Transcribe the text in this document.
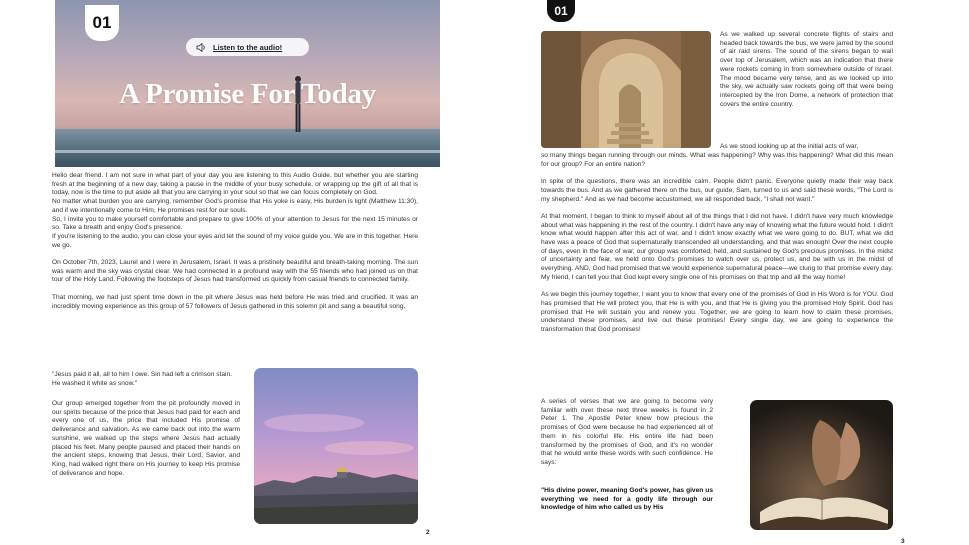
A Promise For Today
Listen to the audio!
01

Hello dear friend. I am not sure in what part of your day you are listening to this Audio Guide, but whether you are starting fresh at the beginning of a new day, taking a pause in the middle of your busy schedule, or wrapping up the gift of all that is today, now is the time to put aside all that you are carrying in your soul so that we can focus completely on God.

No matter what burden you are carrying, remember God's promise that His yoke is easy, His burden is light (Matthew 11:30), and if we intentionally come to Him, He promises rest for our souls.

So, I invite you to make yourself comfortable and prepare to give 100% of your attention to Jesus for the next 15 minutes or so. Take a breath and enjoy God's presence.

If you're listening to the audio, you can close your eyes and let the sound of my voice guide you. We are in this together. Here we go.

On October 7th, 2023, Laurel and I were in Jerusalem, Israel. It was a pristinely beautiful and breath-taking morning. The sun was warm and the sky was crystal clear. We had connected in a profound way with the 55 friends who had joined us on that tour of the Holy Land. Following the footsteps of Jesus had transformed us quickly from casual friends to connected family.

That morning, we had just spent time down in the pit where Jesus was held before He was tried and crucified. It was an incredibly moving experience as this group of 57 followers of Jesus gathered in this solemn pit and sang a beautiful song,

"Jesus paid it all, all to him I owe. Sin had left a crimson stain. He washed it white as snow."
Our group emerged together from the pit profoundly moved in our spirits because of the price that Jesus had paid for each and every one of us, the price that included His promise of deliverance and salvation. As we came back out into the warm sunshine, we walked up the steps where Jesus had actually placed his feet. Many people paused and placed their hands on the ancient steps, knowing that Jesus, their Lord, Savior, and King, had walked right there on His journey to keep His promise of deliverance and hope.
2
01
As we walked up several concrete flights of stairs and headed back towards the bus, we were jarred by the sound of air raid sirens. The sound of the sirens began to wail over top of Jerusalem, which was an indication that there were rockets coming in from somewhere outside of Israel. The mood became very tense, and as we looked up into the sky, we actually saw rockets going off that were being intercepted by the Iron Dome, a network of protection that covers the entire country.
As we stood looking up at the initial acts of war,

so many things began running through our minds. What was happening? Why was this happening? What did this mean for our group? For an entire nation?

In spite of the questions, there was an incredible calm. People didn't panic. Everyone quietly made their way back towards the bus. And as we gathered there on the bus, our guide, Sam, turned to us and said these words, "The Lord is my shepherd." And as we had become accustomed, we all responded back, "I shall not want."

At that moment, I began to think to myself about all of the things that I did not have. I didn't have very much knowledge about what was happening in the rest of the country. I didn't have any way of knowing what the future would hold. I didn't know what would happen after this act of war, and I didn't know exactly what we were going to do. BUT, what we did have was a peace of God that supernaturally transcended all understanding, and that was enough! Over the next couple of days, even in the face of war, our group was comforted, held, and sustained by God's precious promises. In the midst of uncertainty and fear, we held onto God's promises to watch over us, protect us, and be with us in the midst of everything. AND, God had promised that we would experience supernatural peace—we clung to that promise every day. My friend, I can tell you that God kept every single one of his promises on that trip and all the way home!

As we begin this journey together, I want you to know that every one of the promises of God in His Word is for YOU. God has promised that He will protect you, that He is with you, and that He is giving you the promised Holy Spirit. God has promised that He will sustain you and renew you. Together, we are going to learn how to claim these promises, understand these promises, and live out these promises! Every single day, we are going to experience the transformation that God promises!

A series of verses that we are going to become very familiar with over these next three weeks is found in 2 Peter 1. The Apostle Peter knew how precious the promises of God were because he had experienced all of them in his colorful life. His entire life had been transformed by the promises of God, and it's no wonder that he would write these words with such confidence. He says:
"His divine power, meaning God's power, has given us everything we need for a godly life through our knowledge of him who called us by His
3
